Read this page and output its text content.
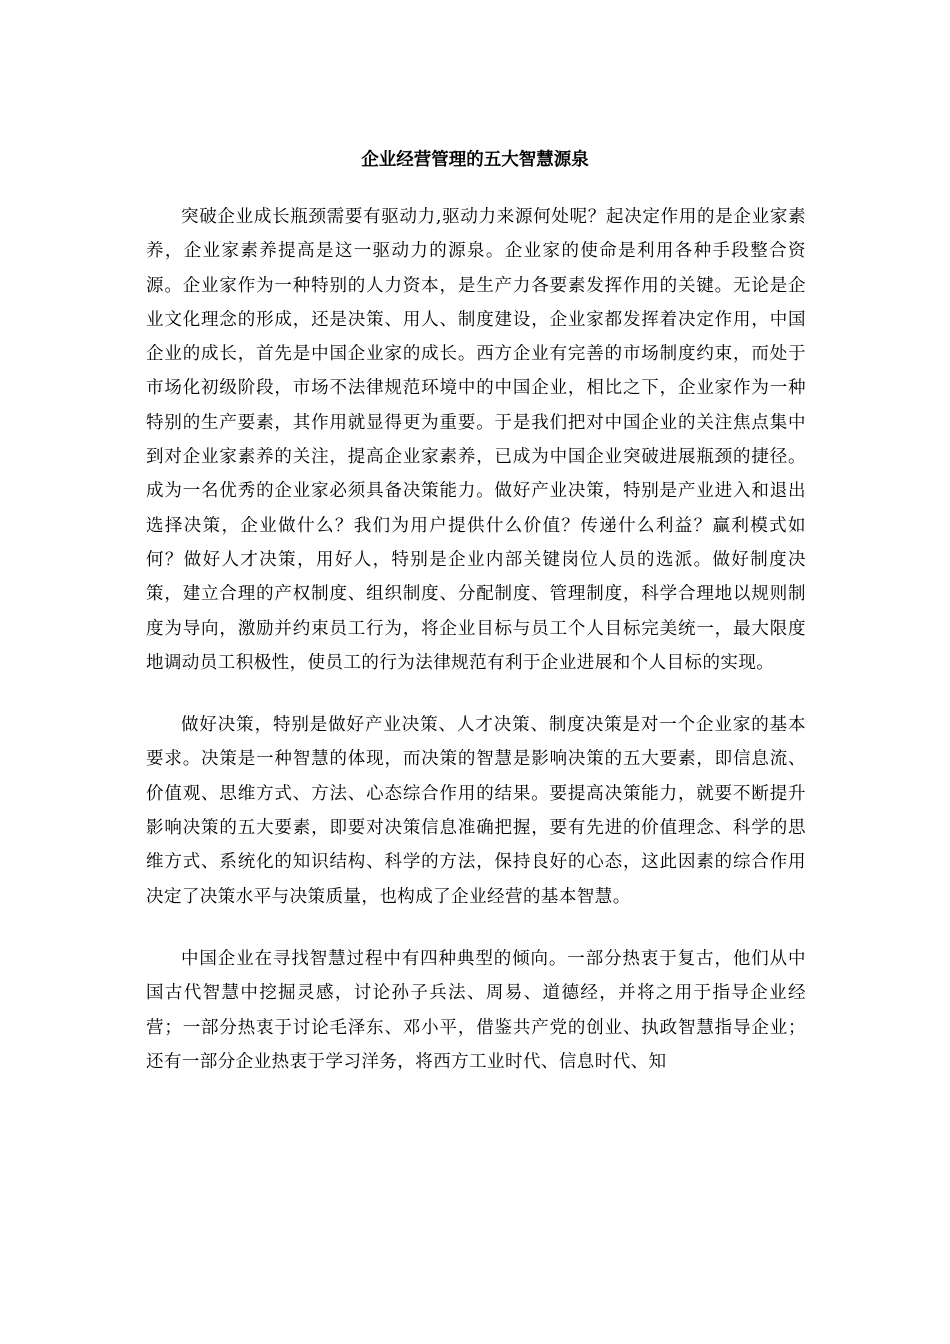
企业经营管理的五大智慧源泉

突破企业成长瓶颈需要有驱动力,驱动力来源何处呢？起决定作用的是企业家素养，企业家素养提高是这一驱动力的源泉。企业家的使命是利用各种手段整合资源。企业家作为一种特别的人力资本，是生产力各要素发挥作用的关键。无论是企业文化理念的形成，还是决策、用人、制度建设，企业家都发挥着决定作用，中国企业的成长，首先是中国企业家的成长。西方企业有完善的市场制度约束，而处于市场化初级阶段，市场不法律规范环境中的中国企业，相比之下，企业家作为一种特别的生产要素，其作用就显得更为重要。于是我们把对中国企业的关注焦点集中到对企业家素养的关注，提高企业家素养，已成为中国企业突破进展瓶颈的捷径。成为一名优秀的企业家必须具备决策能力。做好产业决策，特别是产业进入和退出选择决策，企业做什么？我们为用户提供什么价值？传递什么利益？赢利模式如何？做好人才决策，用好人，特别是企业内部关键岗位人员的选派。做好制度决策，建立合理的产权制度、组织制度、分配制度、管理制度，科学合理地以规则制度为导向，激励并约束员工行为，将企业目标与员工个人目标完美统一，最大限度地调动员工积极性，使员工的行为法律规范有利于企业进展和个人目标的实现。

做好决策，特别是做好产业决策、人才决策、制度决策是对一个企业家的基本要求。决策是一种智慧的体现，而决策的智慧是影响决策的五大要素，即信息流、价值观、思维方式、方法、心态综合作用的结果。要提高决策能力，就要不断提升影响决策的五大要素，即要对决策信息准确把握，要有先进的价值理念、科学的思维方式、系统化的知识结构、科学的方法，保持良好的心态，这此因素的综合作用决定了决策水平与决策质量，也构成了企业经营的基本智慧。

中国企业在寻找智慧过程中有四种典型的倾向。一部分热衷于复古，他们从中国古代智慧中挖掘灵感，讨论孙子兵法、周易、道德经，并将之用于指导企业经营；一部分热衷于讨论毛泽东、邓小平，借鉴共产党的创业、执政智慧指导企业；还有一部分企业热衷于学习洋务，将西方工业时代、信息时代、知
